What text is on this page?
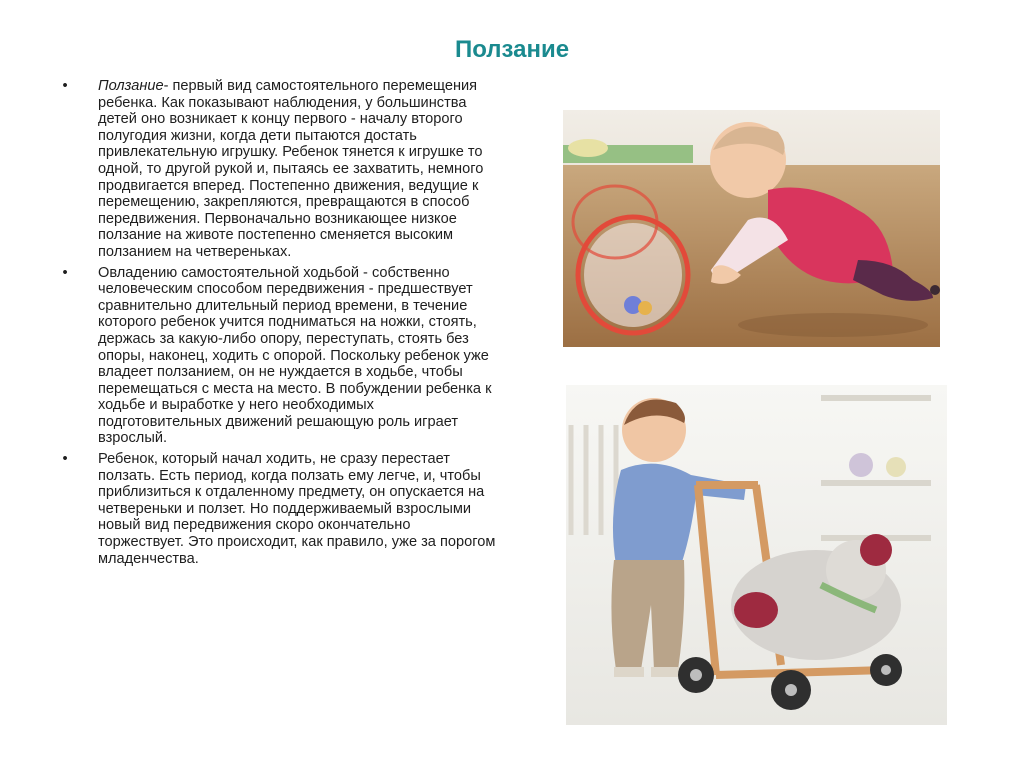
Ползание
•	Ползание- первый вид самостоятельного перемещения ребенка. Как показывают наблюдения, у большинства детей оно возникает к концу первого - началу второго полугодия жизни, когда дети пытаются достать привлекательную игрушку. Ребенок тянется к игрушке то одной, то другой рукой и, пытаясь ее захватить, немного продвигается вперед. Постепенно движения, ведущие к перемещению, закрепляются, превращаются в способ передвижения. Первоначально возникающее низкое ползание на животе постепенно сменяется высоким ползанием на четвереньках.
•	Овладению самостоятельной ходьбой - собственно человеческим способом передвижения - предшествует сравнительно длительный период времени, в течение которого ребенок учится подниматься на ножки, стоять, держась за какую-либо опору, переступать, стоять без опоры, наконец, ходить с опорой. Поскольку ребенок уже владеет ползанием, он не нуждается в ходьбе, чтобы перемещаться с места на место. В побуждении ребенка к ходьбе и выработке у него необходимых подготовительных движений решающую роль играет взрослый.
•	Ребенок, который начал ходить, не сразу перестает ползать. Есть период, когда ползать ему легче, и, чтобы приблизиться к отдаленному предмету, он опускается на четвереньки и ползет. Но поддерживаемый взрослыми новый вид передвижения скоро окончательно торжествует. Это происходит, как правило, уже за порогом младенчества.
